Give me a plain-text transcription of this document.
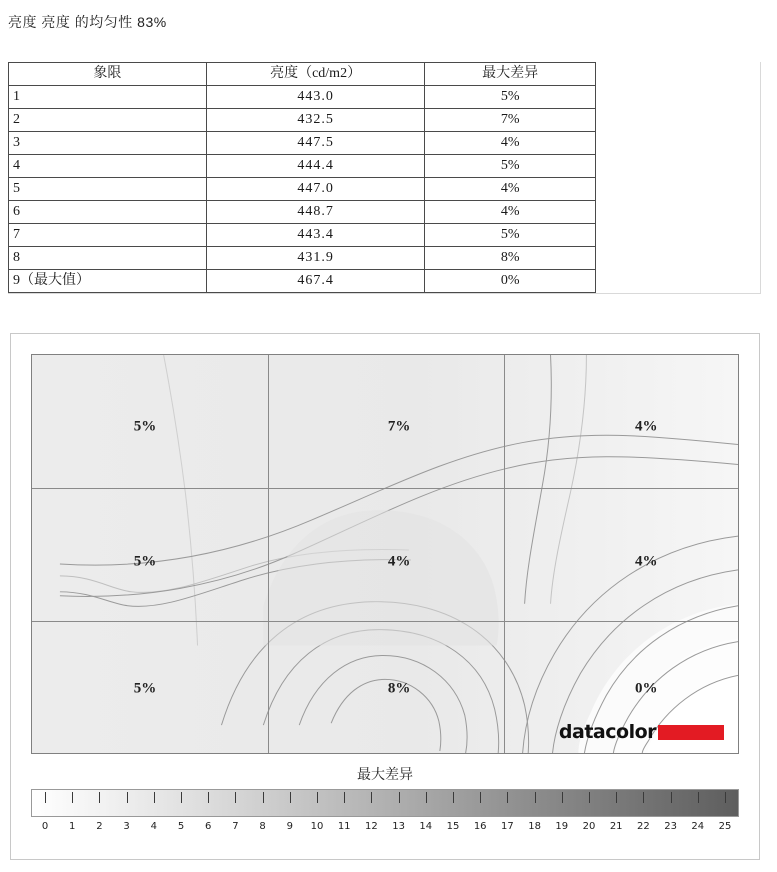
亮度 亮度 的均匀性 83%
象限	亮度（cd/m2）	最大差异
1	443.0	5%
2	432.5	7%
3	447.5	4%
4	444.4	5%
5	447.0	4%
6	448.7	4%
7	443.4	5%
8	431.9	8%
9（最大值）	467.4	0%
5%	7%	4%
5%	4%	4%
5%	8%	0%
datacolor
最大差异
0 1 2 3 4 5 6 7 8 9 10 11 12 13 14 15 16 17 18 19 20 21 22 23 24 25
